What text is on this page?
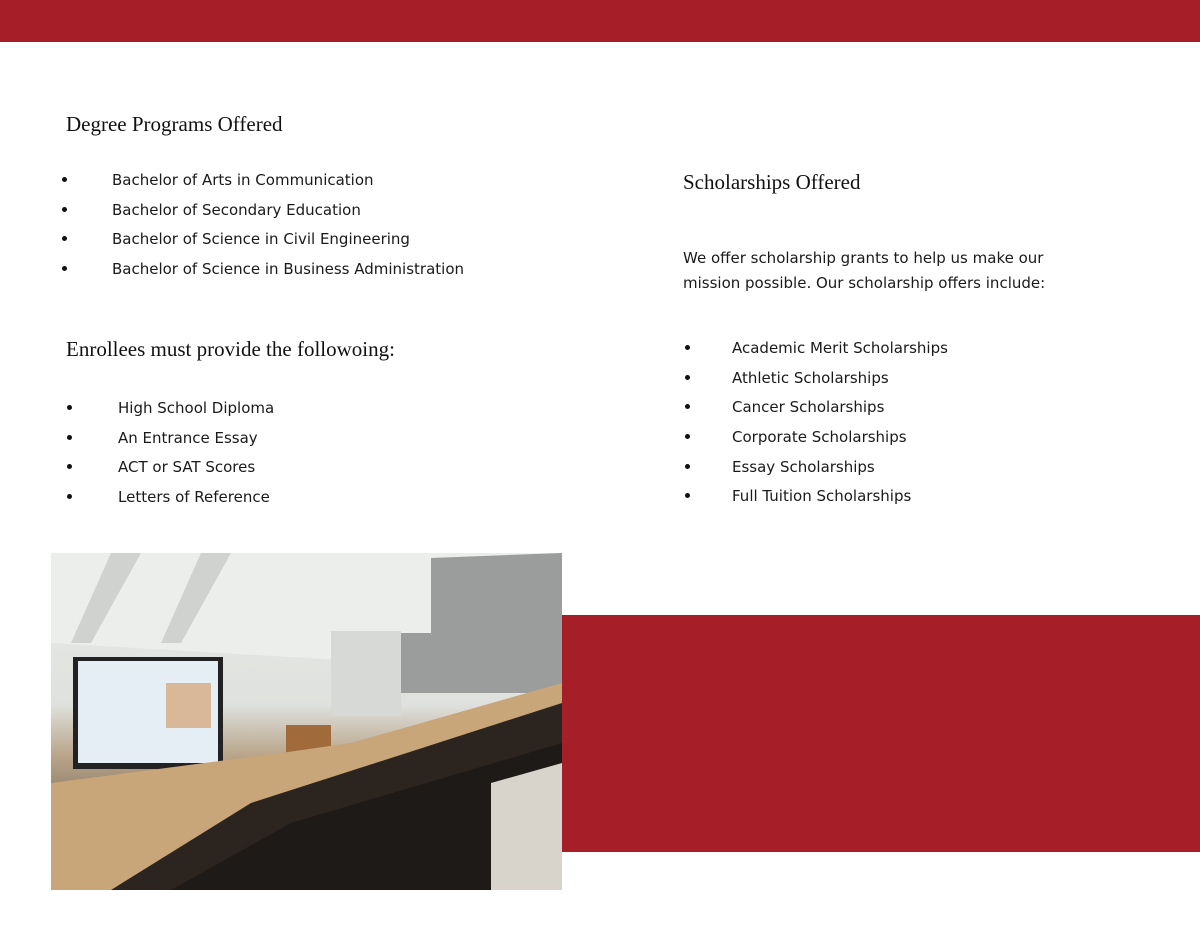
Degree Programs Offered
Bachelor of Arts in Communication
Bachelor of Secondary Education
Bachelor of Science in Civil Engineering
Bachelor of Science in Business Administration
Enrollees must provide the followoing:
High School Diploma
An Entrance Essay
ACT or SAT Scores
Letters of Reference
Scholarships Offered

We offer scholarship grants to help us make our mission possible. Our scholarship offers include:

Academic Merit Scholarships
Athletic Scholarships
Cancer Scholarships
Corporate Scholarships
Essay Scholarships
Full Tuition Scholarships
